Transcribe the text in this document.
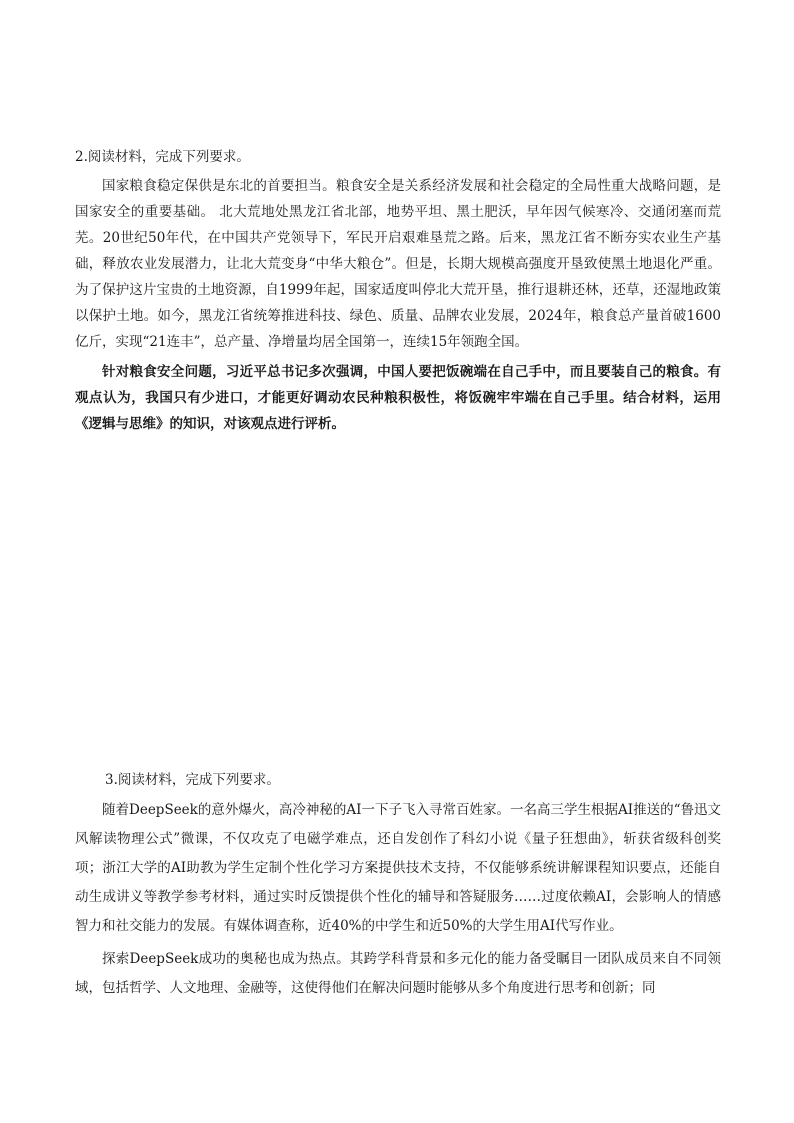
2.阅读材料，完成下列要求。

国家粮食稳定保供是东北的首要担当。粮食安全是关系经济发展和社会稳定的全局性重大战略问题，是国家安全的重要基础。 北大荒地处黑龙江省北部，地势平坦、黑土肥沃，早年因气候寒冷、交通闭塞而荒芜。20世纪50年代，在中国共产党领导下，军民开启艰难垦荒之路。后来，黑龙江省不断夯实农业生产基础，释放农业发展潜力，让北大荒变身“中华大粮仓”。但是，长期大规模高强度开垦致使黑土地退化严重。为了保护这片宝贵的土地资源，自1999年起，国家适度叫停北大荒开垦，推行退耕还林，还草，还湿地政策以保护土地。如今，黑龙江省统筹推进科技、绿色、质量、品牌农业发展，2024年，粮食总产量首破1600亿斤，实现“21连丰”，总产量、净增量均居全国第一，连续15年领跑全国。

针对粮食安全问题，习近平总书记多次强调，中国人要把饭碗端在自己手中，而且要装自己的粮食。有观点认为，我国只有少进口，才能更好调动农民种粮积极性，将饭碗牢牢端在自己手里。结合材料，运用《逻辑与思维》的知识，对该观点进行评析。

3.阅读材料，完成下列要求。

随着DeepSeek的意外爆火，高冷神秘的AI一下子飞入寻常百姓家。一名高三学生根据AI推送的“鲁迅文风解读物理公式”微课，不仅攻克了电磁学难点，还自发创作了科幻小说《量子狂想曲》，斩获省级科创奖项；浙江大学的AI助教为学生定制个性化学习方案提供技术支持，不仅能够系统讲解课程知识要点，还能自动生成讲义等教学参考材料，通过实时反馈提供个性化的辅导和答疑服务……过度依赖AI，会影响人的情感智力和社交能力的发展。有媒体调查称，近40%的中学生和近50%的大学生用AI代写作业。

探索DeepSeek成功的奥秘也成为热点。其跨学科背景和多元化的能力备受瞩目一团队成员来自不同领域，包括哲学、人文地理、金融等，这使得他们在解决问题时能够从多个角度进行思考和创新；同
